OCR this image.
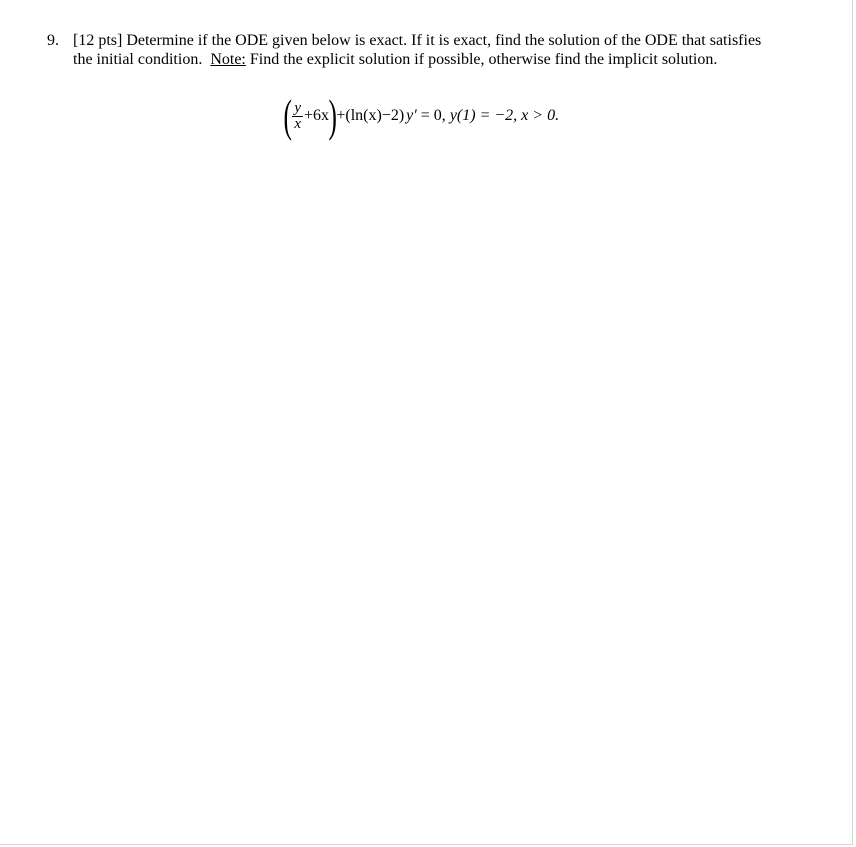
9. [12 pts] Determine if the ODE given below is exact. If it is exact, find the solution of the ODE that satisfies
the initial condition.  Note: Find the explicit solution if possible, otherwise find the implicit solution.
( $\frac{y}{x} +6x$ ) +(ln(x)−2) y′ = 0, y(1) = −2, x > 0.
